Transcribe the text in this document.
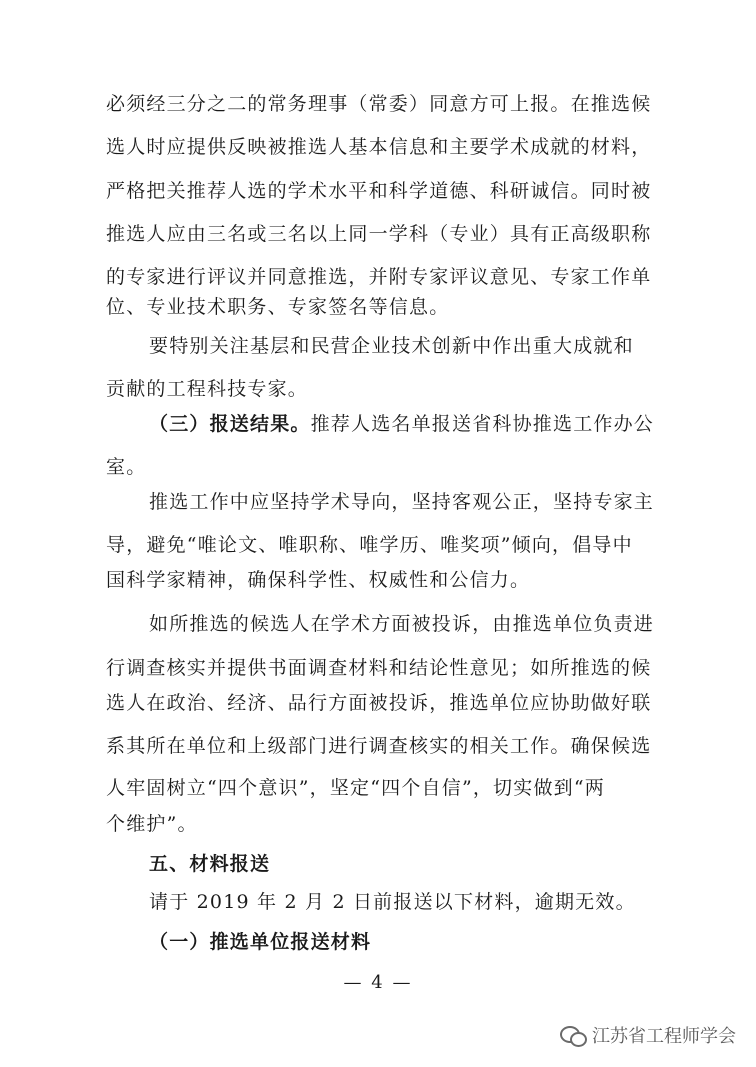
必须经三分之二的常务理事（常委）同意方可上报。在推选候
选人时应提供反映被推选人基本信息和主要学术成就的材料，
严格把关推荐人选的学术水平和科学道德、科研诚信。同时被
推选人应由三名或三名以上同一学科（专业）具有正高级职称
的专家进行评议并同意推选，并附专家评议意见、专家工作单
位、专业技术职务、专家签名等信息。
要特别关注基层和民营企业技术创新中作出重大成就和
贡献的工程科技专家。
（三）报送结果。推荐人选名单报送省科协推选工作办公
室。
推选工作中应坚持学术导向，坚持客观公正，坚持专家主
导，避免“唯论文、唯职称、唯学历、唯奖项”倾向，倡导中
国科学家精神，确保科学性、权威性和公信力。
如所推选的候选人在学术方面被投诉，由推选单位负责进
行调查核实并提供书面调查材料和结论性意见；如所推选的候
选人在政治、经济、品行方面被投诉，推选单位应协助做好联
系其所在单位和上级部门进行调查核实的相关工作。确保候选
人牢固树立“四个意识”，坚定“四个自信”，切实做到“两
个维护”。
五、材料报送
请于 2019 年 2 月 2 日前报送以下材料，逾期无效。
（一）推选单位报送材料
— 4 —
江苏省工程师学会
